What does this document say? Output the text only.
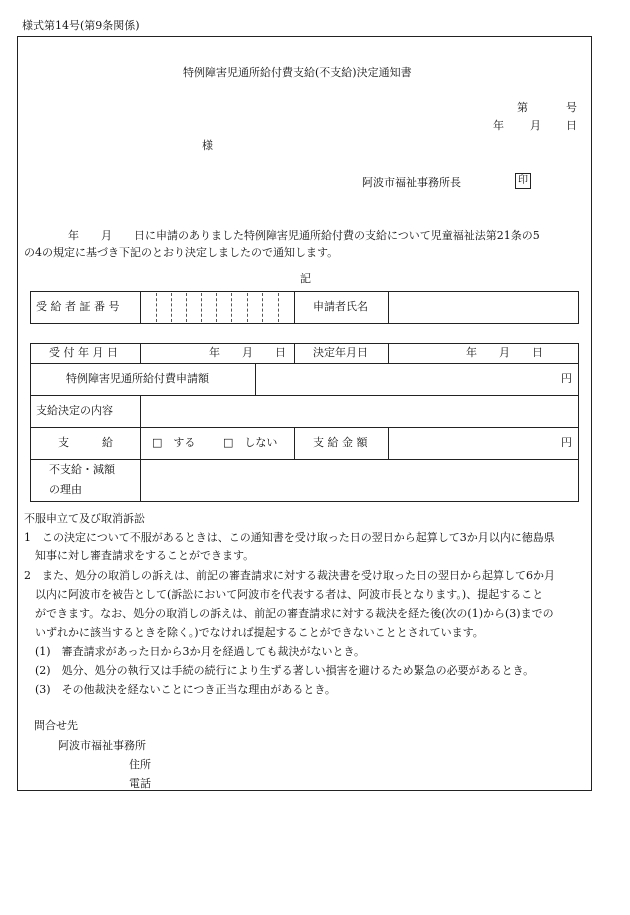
様式第14号(第9条関係)
特例障害児通所給付費支給(不支給)決定通知書
第	号
年 月 日
様
阿波市福祉事務所長	印
年　　月　　日に申請のありました特例障害児通所給付費の支給について児童福祉法第21条の5
の4の規定に基づき下記のとおり決定しましたので通知します。
記
受 給 者 証 番 号	申請者氏名
受 付 年 月 日	年　　月　　日 決定年月日	年　　月　　日
特例障害児通所給付費申請額	円
支給決定の内容
支　　　給	□　する	□　しない	支 給 金 額	円
不支給・減額
の理由
不服申立て及び取消訴訟
1　この決定について不服があるときは、この通知書を受け取った日の翌日から起算して3か月以内に徳島県
　知事に対し審査請求をすることができます。
2　また、処分の取消しの訴えは、前記の審査請求に対する裁決書を受け取った日の翌日から起算して6か月
　以内に阿波市を被告として(訴訟において阿波市を代表する者は、阿波市長となります。)、提起すること
　ができます。なお、処分の取消しの訴えは、前記の審査請求に対する裁決を経た後(次の(1)から(3)までの
　いずれかに該当するときを除く。)でなければ提起することができないこととされています。
　(1)　審査請求があった日から3か月を経過しても裁決がないとき。
　(2)　処分、処分の執行又は手続の続行により生ずる著しい損害を避けるため緊急の必要があるとき。
　(3)　その他裁決を経ないことにつき正当な理由があるとき。
問合せ先
阿波市福祉事務所
住所
電話
